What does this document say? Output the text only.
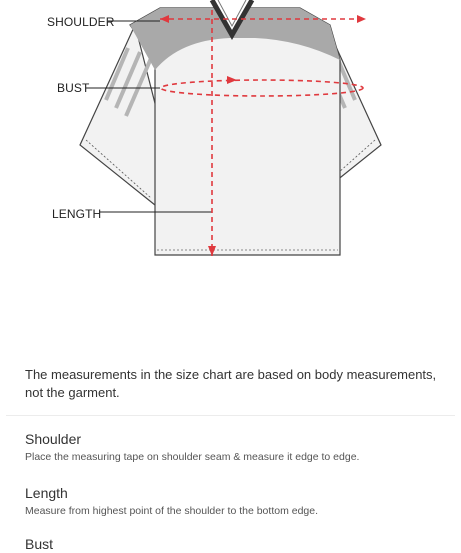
SHOULDER
BUST
LENGTH
The measurements in the size chart are based on body measurements, not the garment.
Shoulder
Place the measuring tape on shoulder seam & measure it edge to edge.
Length
Measure from highest point of the shoulder to the bottom edge.
Bust
